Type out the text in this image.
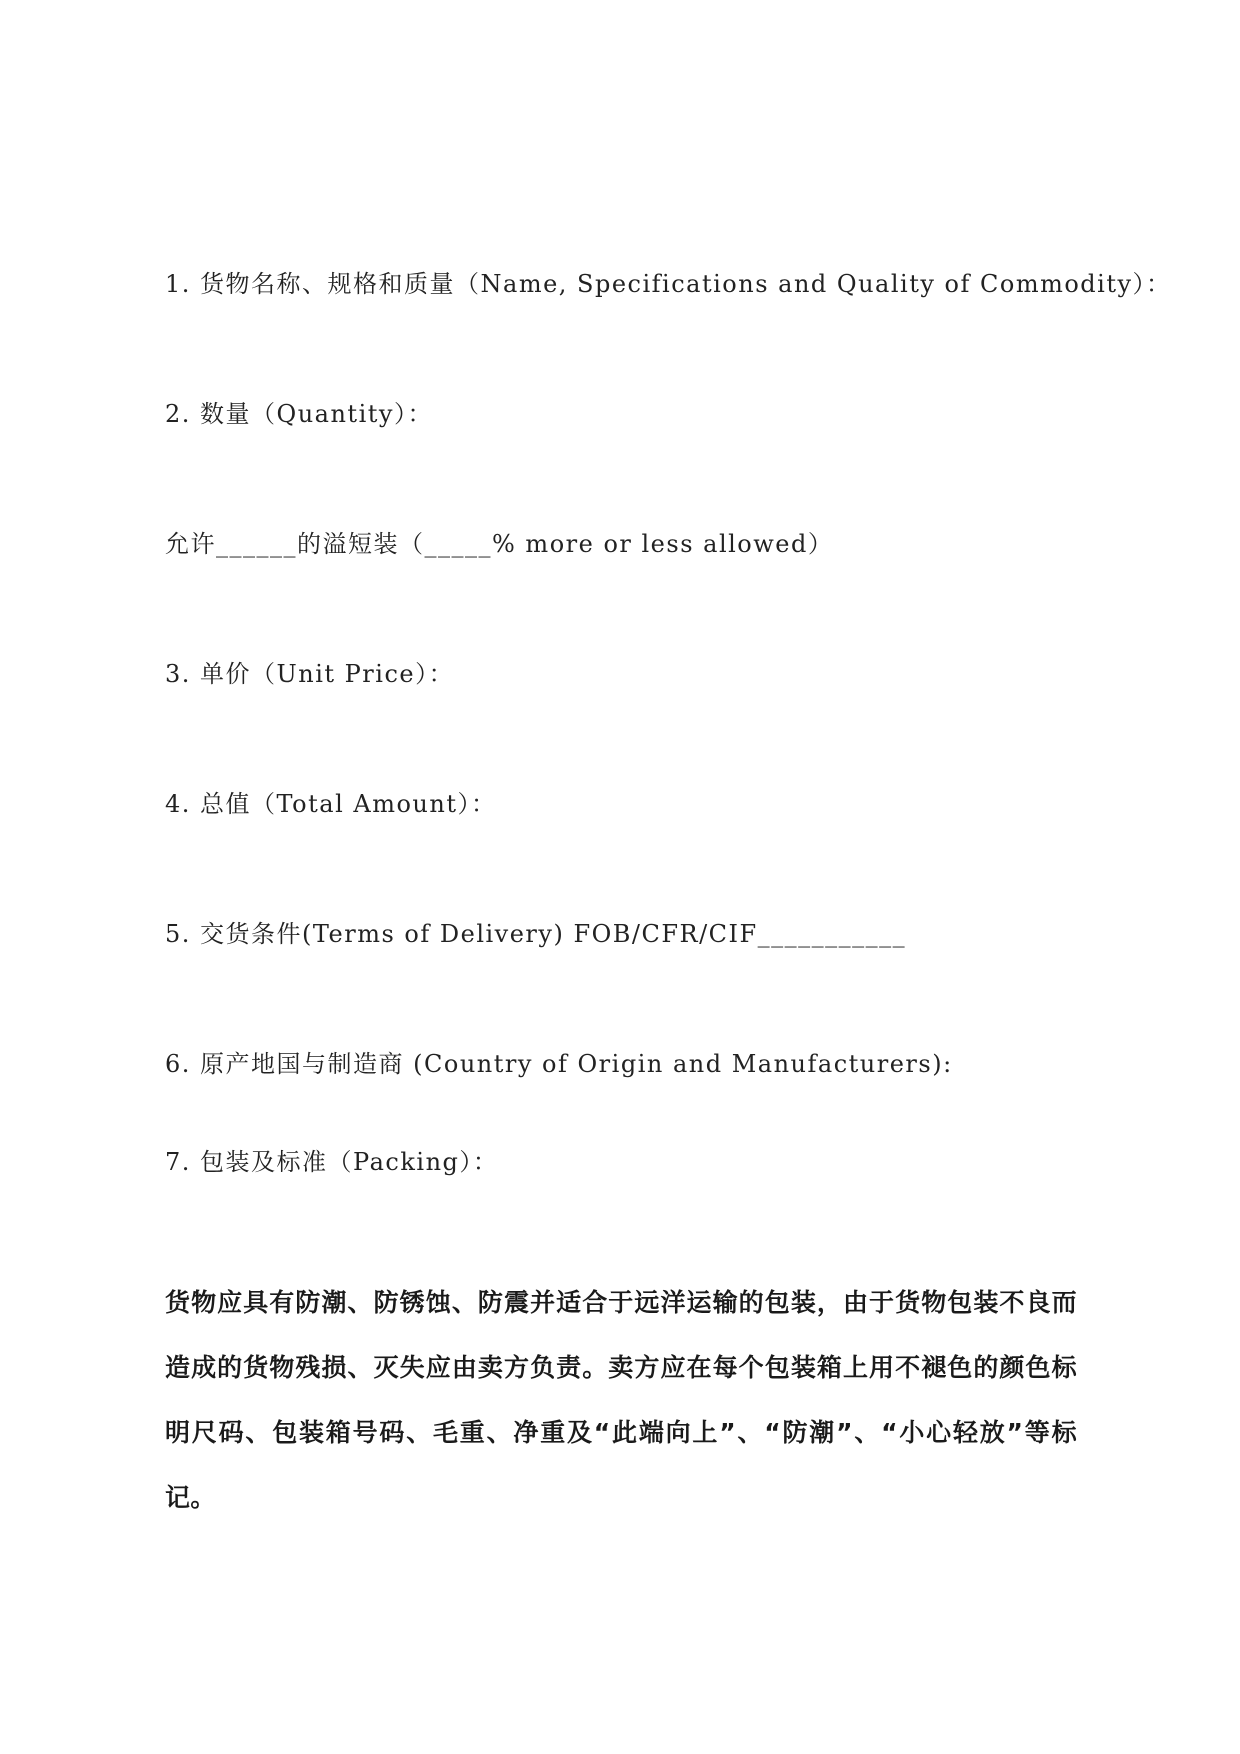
1. 货物名称、规格和质量（Name, Specifications and Quality of Commodity）：
2. 数量（Quantity）：
允许______的溢短装（_____% more or less allowed）
3. 单价（Unit Price）：
4. 总值（Total Amount）：
5. 交货条件(Terms of Delivery) FOB/CFR/CIF___________
6. 原产地国与制造商 (Country of Origin and Manufacturers):
7. 包装及标准（Packing）：
货物应具有防潮、防锈蚀、防震并适合于远洋运输的包装，由于货物包装不良而造成的货物残损、灭失应由卖方负责。卖方应在每个包装箱上用不褪色的颜色标明尺码、包装箱号码、毛重、净重及“此端向上”、“防潮”、“小心轻放”等标记。
